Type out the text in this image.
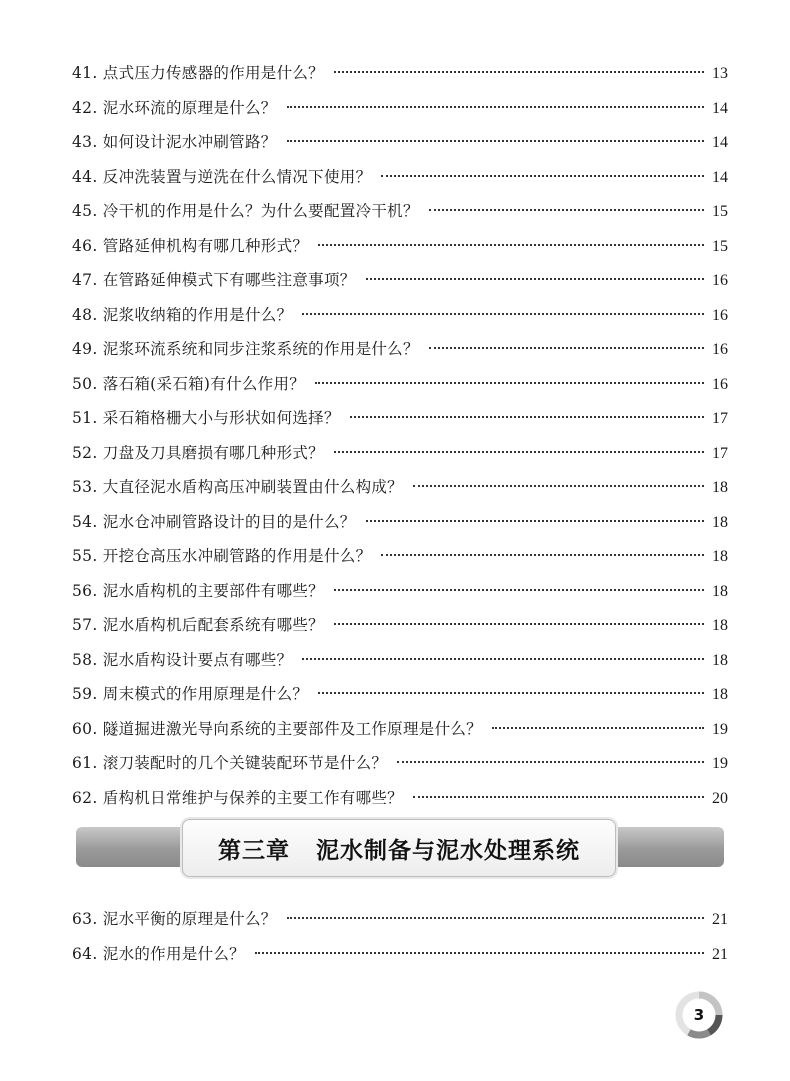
41. 点式压力传感器的作用是什么？	13
42. 泥水环流的原理是什么？	14
43. 如何设计泥水冲刷管路？	14
44. 反冲洗装置与逆洗在什么情况下使用？	14
45. 冷干机的作用是什么？为什么要配置冷干机？	15
46. 管路延伸机构有哪几种形式？	15
47. 在管路延伸模式下有哪些注意事项？	16
48. 泥浆收纳箱的作用是什么？	16
49. 泥浆环流系统和同步注浆系统的作用是什么？	16
50. 落石箱(采石箱)有什么作用？	16
51. 采石箱格栅大小与形状如何选择？	17
52. 刀盘及刀具磨损有哪几种形式？	17
53. 大直径泥水盾构高压冲刷装置由什么构成？	18
54. 泥水仓冲刷管路设计的目的是什么？	18
55. 开挖仓高压水冲刷管路的作用是什么？	18
56. 泥水盾构机的主要部件有哪些？	18
57. 泥水盾构机后配套系统有哪些？	18
58. 泥水盾构设计要点有哪些？	18
59. 周末模式的作用原理是什么？	18
60. 隧道掘进激光导向系统的主要部件及工作原理是什么？	19
61. 滚刀装配时的几个关键装配环节是什么？	19
62. 盾构机日常维护与保养的主要工作有哪些？	20
第三章 泥水制备与泥水处理系统
63. 泥水平衡的原理是什么？	21
64. 泥水的作用是什么？	21
3
